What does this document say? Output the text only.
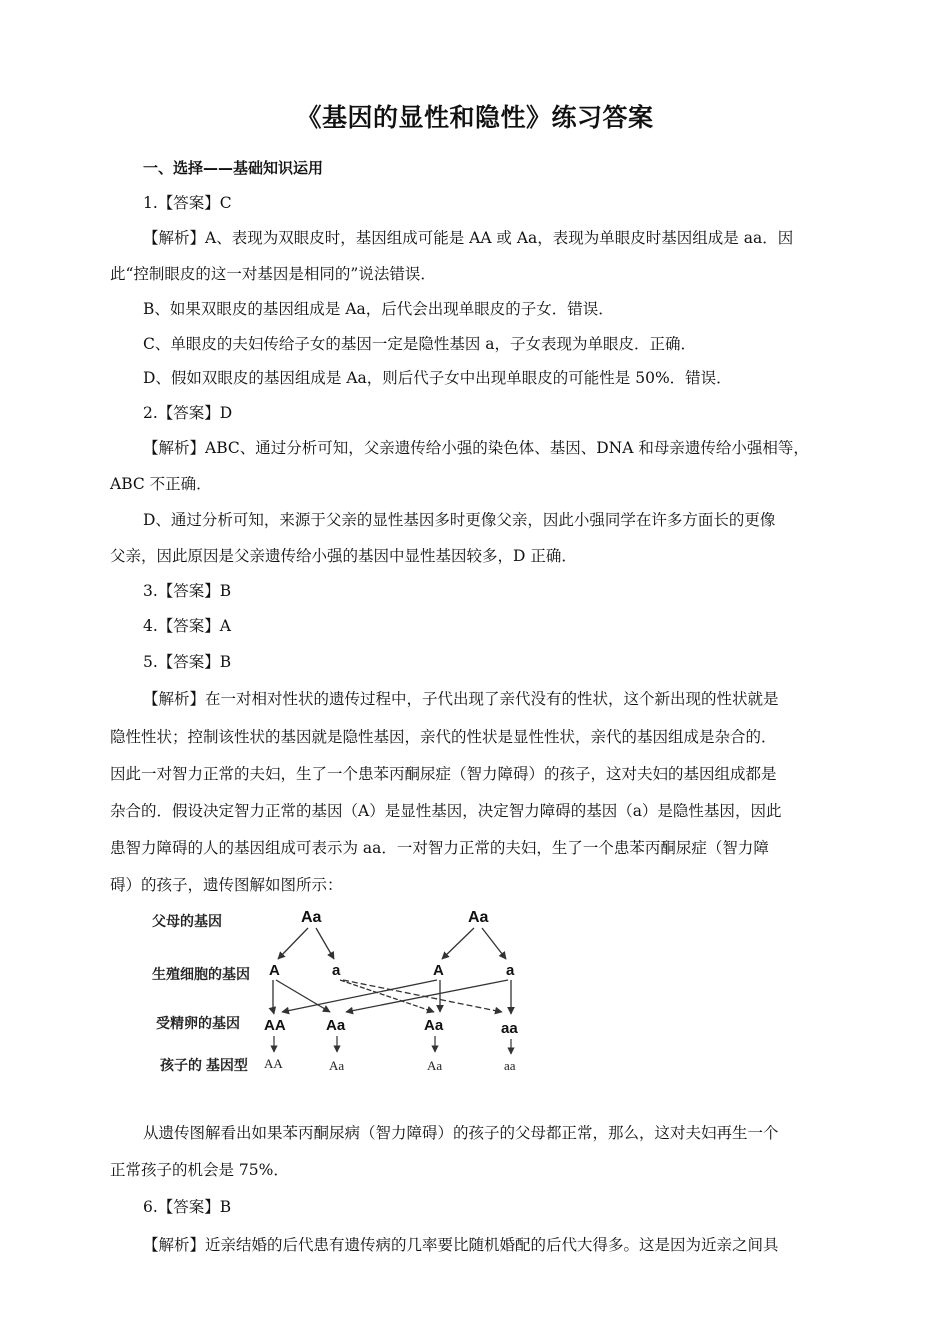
《基因的显性和隐性》练习答案
一、选择——基础知识运用
1.【答案】C
【解析】A、表现为双眼皮时，基因组成可能是 AA 或 Aa，表现为单眼皮时基因组成是 aa．因
此“控制眼皮的这一对基因是相同的”说法错误．
B、如果双眼皮的基因组成是 Aa，后代会出现单眼皮的子女．错误．
C、单眼皮的夫妇传给子女的基因一定是隐性基因 a，子女表现为单眼皮．正确．
D、假如双眼皮的基因组成是 Aa，则后代子女中出现单眼皮的可能性是 50%．错误．
2.【答案】D
【解析】ABC、通过分析可知，父亲遗传给小强的染色体、基因、DNA 和母亲遗传给小强相等，
ABC 不正确．
D、通过分析可知，来源于父亲的显性基因多时更像父亲，因此小强同学在许多方面长的更像
父亲，因此原因是父亲遗传给小强的基因中显性基因较多，D 正确．
3.【答案】B
4.【答案】A
5.【答案】B
【解析】在一对相对性状的遗传过程中，子代出现了亲代没有的性状，这个新出现的性状就是
隐性性状；控制该性状的基因就是隐性基因，亲代的性状是显性性状，亲代的基因组成是杂合的．
因此一对智力正常的夫妇，生了一个患苯丙酮尿症（智力障碍）的孩子，这对夫妇的基因组成都是
杂合的．假设决定智力正常的基因（A）是显性基因，决定智力障碍的基因（a）是隐性基因，因此
患智力障碍的人的基因组成可表示为 aa．一对智力正常的夫妇，生了一个患苯丙酮尿症（智力障
碍）的孩子，遗传图解如图所示：
父母的基因
生殖细胞的基因
受精卵的基因
孩子的 基因型
Aa	Aa
A	a	A	a
AA	Aa	Aa	aa
AA	Aa	Aa	aa
从遗传图解看出如果苯丙酮尿病（智力障碍）的孩子的父母都正常，那么，这对夫妇再生一个
正常孩子的机会是 75%．
6.【答案】B
【解析】近亲结婚的后代患有遗传病的几率要比随机婚配的后代大得多。这是因为近亲之间具
